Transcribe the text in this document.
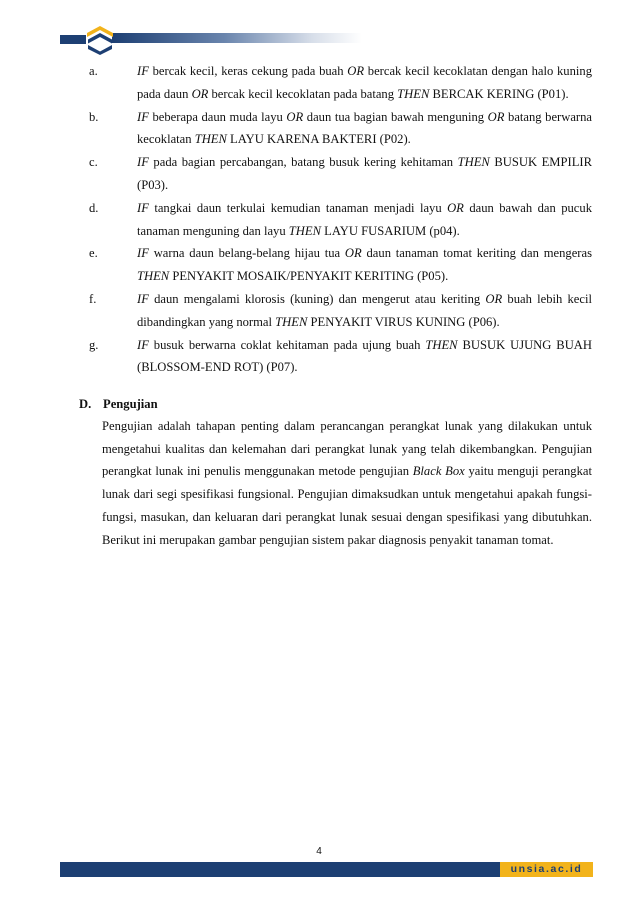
a.	IF bercak kecil, keras cekung pada buah OR bercak kecil kecoklatan dengan halo kuning pada daun OR bercak kecil kecoklatan pada batang THEN BERCAK KERING (P01).
b.	IF beberapa daun muda layu OR daun tua bagian bawah menguning OR batang berwarna kecoklatan THEN LAYU KARENA BAKTERI (P02).
c.	IF pada bagian percabangan, batang busuk kering kehitaman THEN BUSUK EMPILIR (P03).
d.	IF tangkai daun terkulai kemudian tanaman menjadi layu OR daun bawah dan pucuk tanaman menguning dan layu THEN LAYU FUSARIUM (p04).
e.	IF warna daun belang-belang hijau tua OR daun tanaman tomat keriting dan mengeras THEN PENYAKIT MOSAIK/PENYAKIT KERITING (P05).
f.	IF daun mengalami klorosis (kuning) dan mengerut atau keriting OR buah lebih kecil dibandingkan yang normal THEN PENYAKIT VIRUS KUNING (P06).
g.	IF busuk berwarna coklat kehitaman pada ujung buah THEN BUSUK UJUNG BUAH (BLOSSOM-END ROT) (P07).
D. Pengujian

Pengujian adalah tahapan penting dalam perancangan perangkat lunak yang dilakukan untuk mengetahui kualitas dan kelemahan dari perangkat lunak yang telah dikembangkan. Pengujian perangkat lunak ini penulis menggunakan metode pengujian Black Box yaitu menguji perangkat lunak dari segi spesifikasi fungsional. Pengujian dimaksudkan untuk mengetahui apakah fungsi-fungsi, masukan, dan keluaran dari perangkat lunak sesuai dengan spesifikasi yang dibutuhkan. Berikut ini merupakan gambar pengujian sistem pakar diagnosis penyakit tanaman tomat.

4
unsia.ac.id
